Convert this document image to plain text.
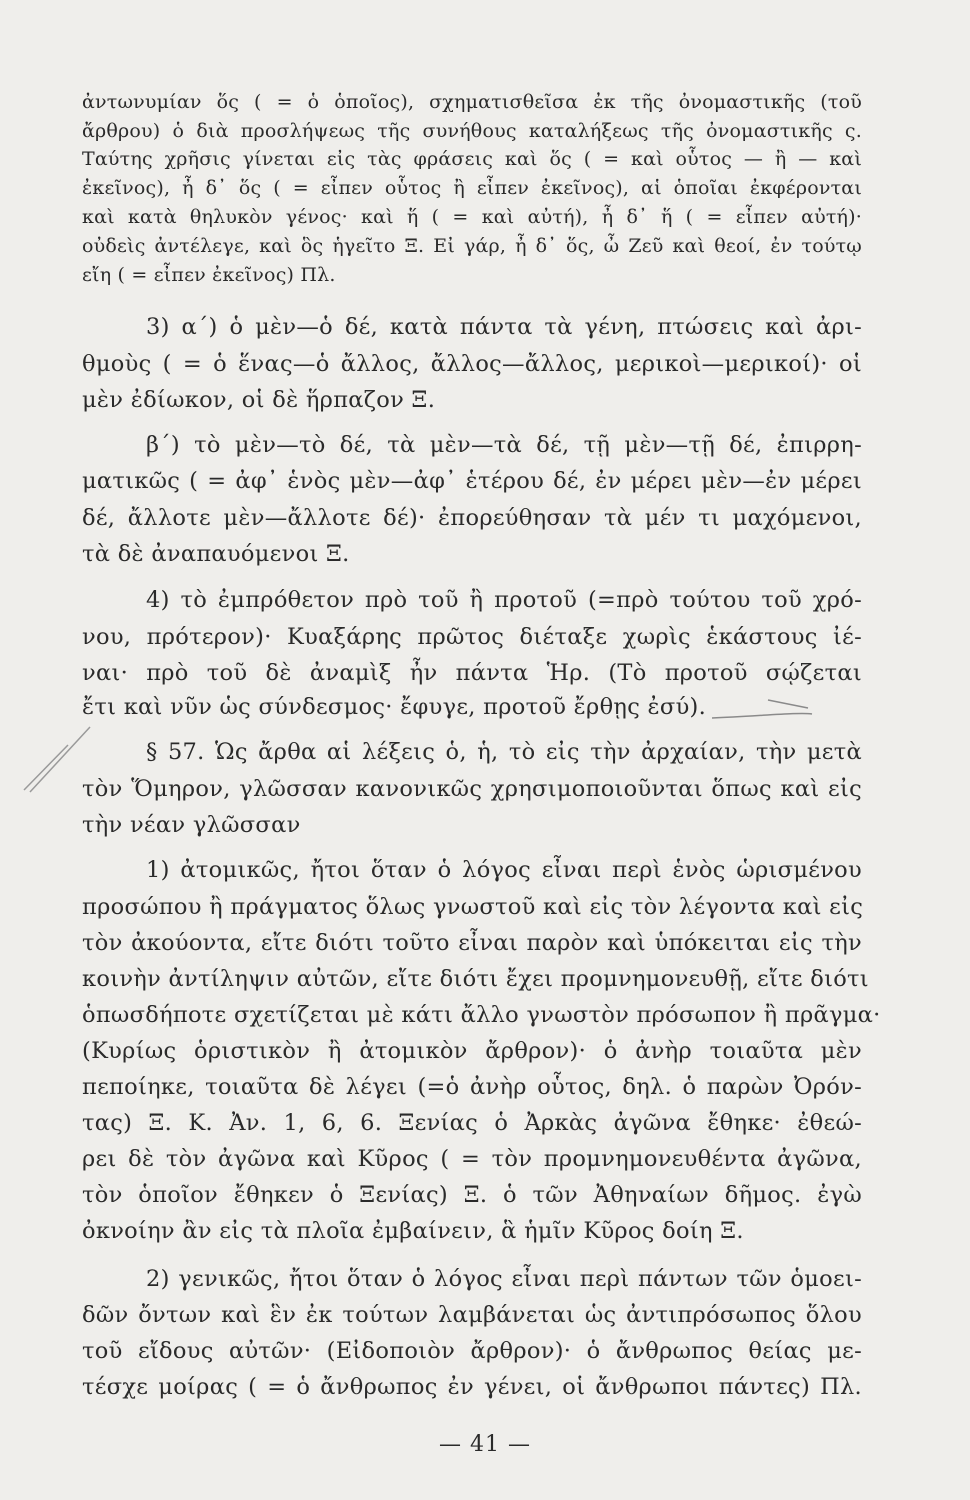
ἀντωνυμίαν ὅς ( = ὁ ὁποῖος), σχηματισθεῖσα ἐκ τῆς ὀνομαστικῆς (τοῦ
ἄρθρου) ὁ διὰ προσλήψεως τῆς συνήθους καταλήξεως τῆς ὀνομαστικῆς ς.
Ταύτης χρῆσις γίνεται εἰς τὰς φράσεις καὶ ὅς ( = καὶ οὗτος — ἢ — καὶ
ἐκεῖνος), ἦ δ᾽ ὅς ( = εἶπεν οὗτος ἢ εἶπεν ἐκεῖνος), αἱ ὁποῖαι ἐκφέρονται
καὶ κατὰ θηλυκὸν γένος· καὶ ἥ ( = καὶ αὐτή), ἦ δ᾽ ἥ ( = εἶπεν αὐτή)·
οὐδεὶς ἀντέλεγε, καὶ ὃς ἡγεῖτο Ξ. Εἰ γάρ, ἦ δ᾽ ὅς, ὦ Ζεῦ καὶ θεοί, ἐν τούτῳ
εἴη ( = εἶπεν ἐκεῖνος) Πλ.
3) α΄) ὁ μὲν—ὁ δέ, κατὰ πάντα τὰ γένη, πτώσεις καὶ ἀρι-
θμοὺς ( = ὁ ἕνας—ὁ ἄλλος, ἄλλος—ἄλλος, μερικοὶ—μερικοί)· οἱ
μὲν ἐδίωκον, οἱ δὲ ἥρπαζον Ξ.
β΄) τὸ μὲν—τὸ δέ, τὰ μὲν—τὰ δέ, τῇ μὲν—τῇ δέ, ἐπιρρη-
ματικῶς ( = ἀφ᾽ ἑνὸς μὲν—ἀφ᾽ ἑτέρου δέ, ἐν μέρει μὲν—ἐν μέρει
δέ, ἄλλοτε μὲν—ἄλλοτε δέ)· ἐπορεύθησαν τὰ μέν τι μαχόμενοι,
τὰ δὲ ἀναπαυόμενοι Ξ.
4) τὸ ἐμπρόθετον πρὸ τοῦ ἢ προτοῦ (=πρὸ τούτου τοῦ χρό-
νου, πρότερον)· Κυαξάρης πρῶτος διέταξε χωρὶς ἑκάστους ἰέ-
ναι· πρὸ τοῦ δὲ ἀναμὶξ ἦν πάντα Ἡρ. (Τὸ προτοῦ σῴζεται
ἔτι καὶ νῦν ὡς σύνδεσμος· ἔφυγε, προτοῦ ἔρθῃς ἐσύ).
§ 57. Ὡς ἄρθα αἱ λέξεις ὁ, ἡ, τὸ εἰς τὴν ἀρχαίαν, τὴν μετὰ
τὸν Ὅμηρον, γλῶσσαν κανονικῶς χρησιμοποιοῦνται ὅπως καὶ εἰς
τὴν νέαν γλῶσσαν
1) ἀτομικῶς, ἤτοι ὅταν ὁ λόγος εἶναι περὶ ἑνὸς ὡρισμένου
προσώπου ἢ πράγματος ὅλως γνωστοῦ καὶ εἰς τὸν λέγοντα καὶ εἰς
τὸν ἀκούοντα, εἴτε διότι τοῦτο εἶναι παρὸν καὶ ὑπόκειται εἰς τὴν
κοινὴν ἀντίληψιν αὐτῶν, εἴτε διότι ἔχει προμνημονευθῇ, εἴτε διότι
ὁπωσδήποτε σχετίζεται μὲ κάτι ἄλλο γνωστὸν πρόσωπον ἢ πρᾶγμα·
(Κυρίως ὁριστικὸν ἢ ἀτομικὸν ἄρθρον)· ὁ ἀνὴρ τοιαῦτα μὲν
πεποίηκε, τοιαῦτα δὲ λέγει (=ὁ ἀνὴρ οὗτος, δηλ. ὁ παρὼν Ὀρόν-
τας) Ξ. Κ. Ἀν. 1, 6, 6. Ξενίας ὁ Ἀρκὰς ἀγῶνα ἔθηκε· ἐθεώ-
ρει δὲ τὸν ἀγῶνα καὶ Κῦρος ( = τὸν προμνημονευθέντα ἀγῶνα,
τὸν ὁποῖον ἔθηκεν ὁ Ξενίας) Ξ. ὁ τῶν Ἀθηναίων δῆμος. ἐγὼ
ὀκνοίην ἂν εἰς τὰ πλοῖα ἐμβαίνειν, ἃ ἡμῖν Κῦρος δοίη Ξ.
2) γενικῶς, ἤτοι ὅταν ὁ λόγος εἶναι περὶ πάντων τῶν ὁμοει-
δῶν ὄντων καὶ ἓν ἐκ τούτων λαμβάνεται ὡς ἀντιπρόσωπος ὅλου
τοῦ εἴδους αὐτῶν· (Εἰδοποιὸν ἄρθρον)· ὁ ἄνθρωπος θείας με-
τέσχε μοίρας ( = ὁ ἄνθρωπος ἐν γένει, οἱ ἄνθρωποι πάντες) Πλ.
— 41 —
